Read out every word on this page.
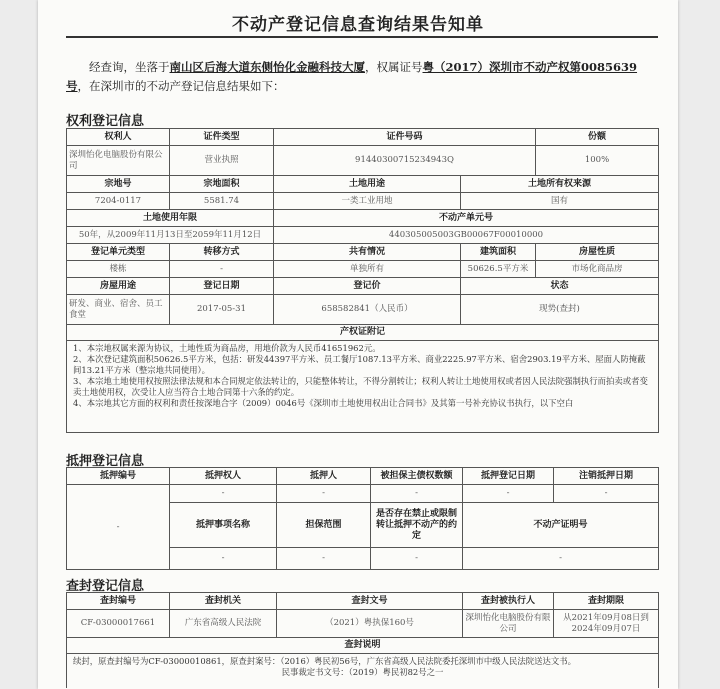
不动产登记信息查询结果告知单
  经查询，坐落于南山区后海大道东侧怡化金融科技大厦，权属证号粤（2017）深圳市不动产权第0085639号，在深圳市的不动产登记信息结果如下：
权利登记信息
权利人	证件类型	证件号码		份额
深圳怡化电脑股份有限公司	营业执照	91440300715234943Q		100%
宗地号	宗地面积	土地用途	土地所有权来源	
7204-0117	5581.74	一类工业用地	国有	
土地使用年限		不动产单元号		
50年，从2009年11月13日至2059年11月12日		440305005003GB00067F00010000		
登记单元类型	转移方式	共有情况	建筑面积	房屋性质
楼栋	-	单独所有	50626.5平方米	市场化商品房
房屋用途	登记日期	登记价	状态	
研发、商业、宿舍、员工食堂	2017-05-31	658582841（人民币）	现势(查封)	
产权证附记				

1、本宗地权属来源为协议，土地性质为商品房，用地价款为人民币41651962元。

2、本次登记建筑面积50626.5平方米，包括：研发44397平方米、员工餐厅1087.13平方米、商业2225.97平方米、宿舍2903.19平方米、屋面人防掩蔽间13.21平方米（整宗地共同使用）。

3、本宗地土地使用权按照法律法规和本合同规定依法转让的，只能整体转让，不得分割转让；权利人转让土地使用权或者因人民法院强制执行而拍卖或者变卖土地使用权，次受让人应当符合土地合同第十六条的约定。

4、本宗地其它方面的权利和责任按深地合字（2009）0046号《深圳市土地使用权出让合同书》及其第一号补充协议书执行，以下空白				

抵押登记信息
抵押编号	抵押权人	抵押人	被担保主债权数额	抵押登记日期	注销抵押日期
-	-	-	-	-	-
	抵押事项名称	担保范围	是否存在禁止或限制转让抵押不动产的约定	不动产证明号	
	-	-	-	-	
查封登记信息
查封编号	查封机关	查封文号	查封被执行人	查封期限
CF-03000017661	广东省高级人民法院	（2021）粤执保160号	深圳怡化电脑股份有限公司	从2021年09月08日到2024年09月07日
查封说明				

续封，原查封编号为CF-03000010861，原查封案号：（2016）粤民初56号，广东省高级人民法院委托深圳市中级人民法院送达文书。

民事裁定书文号：（2019）粤民初82号之一				
